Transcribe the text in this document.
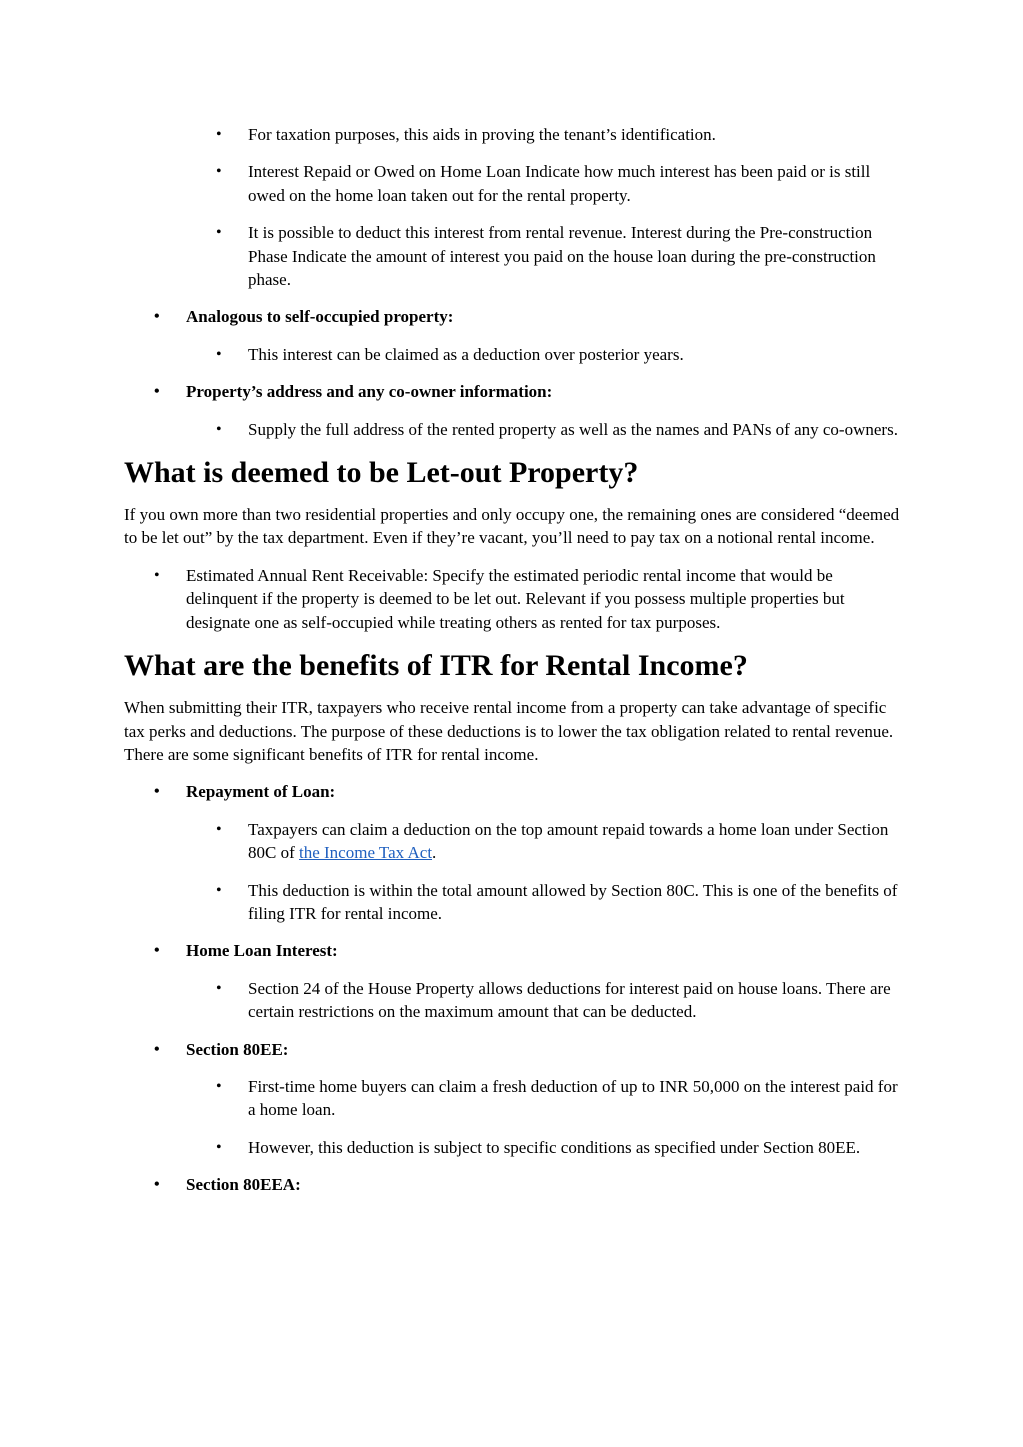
• For taxation purposes, this aids in proving the tenant’s identification.
• Interest Repaid or Owed on Home Loan Indicate how much interest has been paid or is still owed on the home loan taken out for the rental property.
• It is possible to deduct this interest from rental revenue. Interest during the Pre-construction Phase Indicate the amount of interest you paid on the house loan during the pre-construction phase.
• Analogous to self-occupied property:
• This interest can be claimed as a deduction over posterior years.
• Property’s address and any co-owner information:
• Supply the full address of the rented property as well as the names and PANs of any co-owners.
What is deemed to be Let-out Property?

If you own more than two residential properties and only occupy one, the remaining ones are considered “deemed to be let out” by the tax department. Even if they’re vacant, you’ll need to pay tax on a notional rental income.

• Estimated Annual Rent Receivable: Specify the estimated periodic rental income that would be delinquent if the property is deemed to be let out. Relevant if you possess multiple properties but designate one as self-occupied while treating others as rented for tax purposes.
What are the benefits of ITR for Rental Income?

When submitting their ITR, taxpayers who receive rental income from a property can take advantage of specific tax perks and deductions. The purpose of these deductions is to lower the tax obligation related to rental revenue. There are some significant benefits of ITR for rental income.

• Repayment of Loan:
• Taxpayers can claim a deduction on the top amount repaid towards a home loan under Section 80C of the Income Tax Act.
• This deduction is within the total amount allowed by Section 80C. This is one of the benefits of filing ITR for rental income.
• Home Loan Interest:
• Section 24 of the House Property allows deductions for interest paid on house loans. There are certain restrictions on the maximum amount that can be deducted.
• Section 80EE:
• First-time home buyers can claim a fresh deduction of up to INR 50,000 on the interest paid for a home loan.
• However, this deduction is subject to specific conditions as specified under Section 80EE.
• Section 80EEA:
